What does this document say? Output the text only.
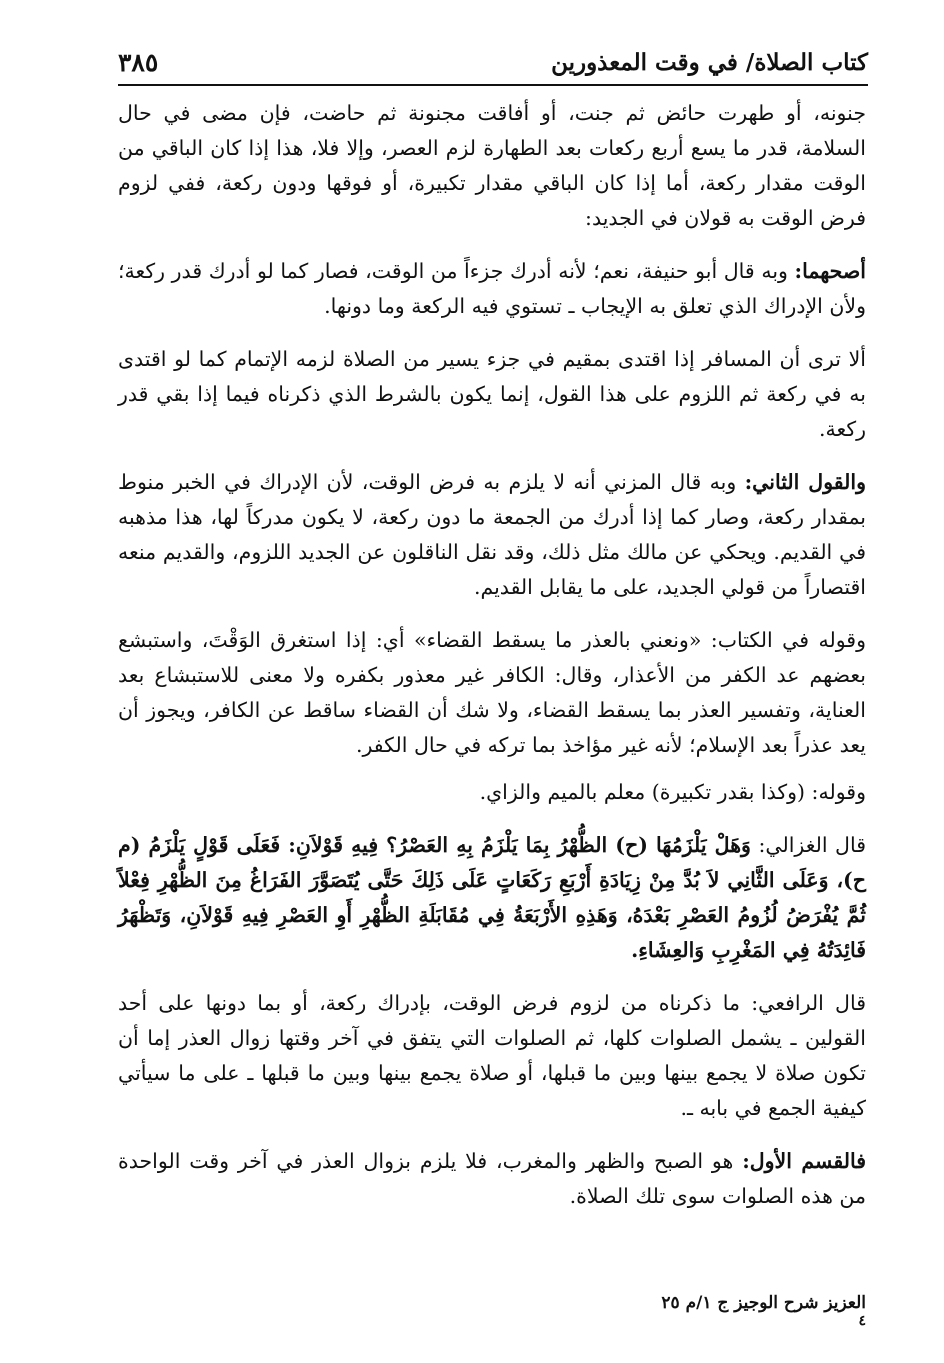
كتاب الصلاة/ في وقت المعذورين
٣٨٥

جنونه، أو طهرت حائض ثم جنت، أو أفاقت مجنونة ثم حاضت، فإن مضى في حال السلامة، قدر ما يسع أربع ركعات بعد الطهارة لزم العصر، وإلا فلا، هذا إذا كان الباقي من الوقت مقدار ركعة، أما إذا كان الباقي مقدار تكبيرة، أو فوقها ودون ركعة، ففي لزوم فرض الوقت به قولان في الجديد:

أصحهما: وبه قال أبو حنيفة، نعم؛ لأنه أدرك جزءاً من الوقت، فصار كما لو أدرك قدر ركعة؛ ولأن الإدراك الذي تعلق به الإيجاب ـ تستوي فيه الركعة وما دونها.

ألا ترى أن المسافر إذا اقتدى بمقيم في جزء يسير من الصلاة لزمه الإتمام كما لو اقتدى به في ركعة ثم اللزوم على هذا القول، إنما يكون بالشرط الذي ذكرناه فيما إذا بقي قدر ركعة.

والقول الثاني: وبه قال المزني أنه لا يلزم به فرض الوقت، لأن الإدراك في الخبر منوط بمقدار ركعة، وصار كما إذا أدرك من الجمعة ما دون ركعة، لا يكون مدركاً لها، هذا مذهبه في القديم. ويحكي عن مالك مثل ذلك، وقد نقل الناقلون عن الجديد اللزوم، والقديم منعه اقتصاراً من قولي الجديد، على ما يقابل القديم.

وقوله في الكتاب: «ونعني بالعذر ما يسقط القضاء» أي: إذا استغرق الوَقْتَ، واستبشع بعضهم عد الكفر من الأعذار، وقال: الكافر غير معذور بكفره ولا معنى للاستبشاع بعد العناية، وتفسير العذر بما يسقط القضاء، ولا شك أن القضاء ساقط عن الكافر، ويجوز أن يعد عذراً بعد الإسلام؛ لأنه غير مؤاخذ بما تركه في حال الكفر.

وقوله: (وكذا بقدر تكبيرة) معلم بالميم والزاي.

قال الغزالي: وَهَلْ يَلْزَمُهَا (ح) الظُّهْرُ بِمَا يَلْزَمُ بِهِ العَصْرُ؟ فِيهِ قَوْلاَنِ: فَعَلَى قَوْلٍ يَلْزَمُ (م ح)، وَعَلَى الثَّانِي لاَ بُدَّ مِنْ زِيَادَةِ أَرْبَعِ رَكَعَاتٍ عَلَى ذَلِكَ حَتَّى يُتَصَوَّرَ الفَرَاغُ مِنَ الظُّهْرِ فِعْلاً ثُمَّ يُفْرَضُ لُزُومُ العَصْرِ بَعْدَهُ، وَهَذِهِ الأَرْبَعَةُ فِي مُقَابَلَةِ الظُّهْرِ أَوِ العَصْرِ فِيهِ قَوْلاَنِ، وَتَظْهَرُ فَائِدَتُهُ فِي المَغْرِبِ وَالعِشَاءِ.

قال الرافعي: ما ذكرناه من لزوم فرض الوقت، بإدراك ركعة، أو بما دونها على أحد القولين ـ يشمل الصلوات كلها، ثم الصلوات التي يتفق في آخر وقتها زوال العذر إما أن تكون صلاة لا يجمع بينها وبين ما قبلها، أو صلاة يجمع بينها وبين ما قبلها ـ على ما سيأتي كيفية الجمع في بابه ـ.

فالقسم الأول: هو الصبح والظهر والمغرب، فلا يلزم بزوال العذر في آخر وقت الواحدة من هذه الصلوات سوى تلك الصلاة.

العزيز شرح الوجيز ج ١/م ٢٥
٤
